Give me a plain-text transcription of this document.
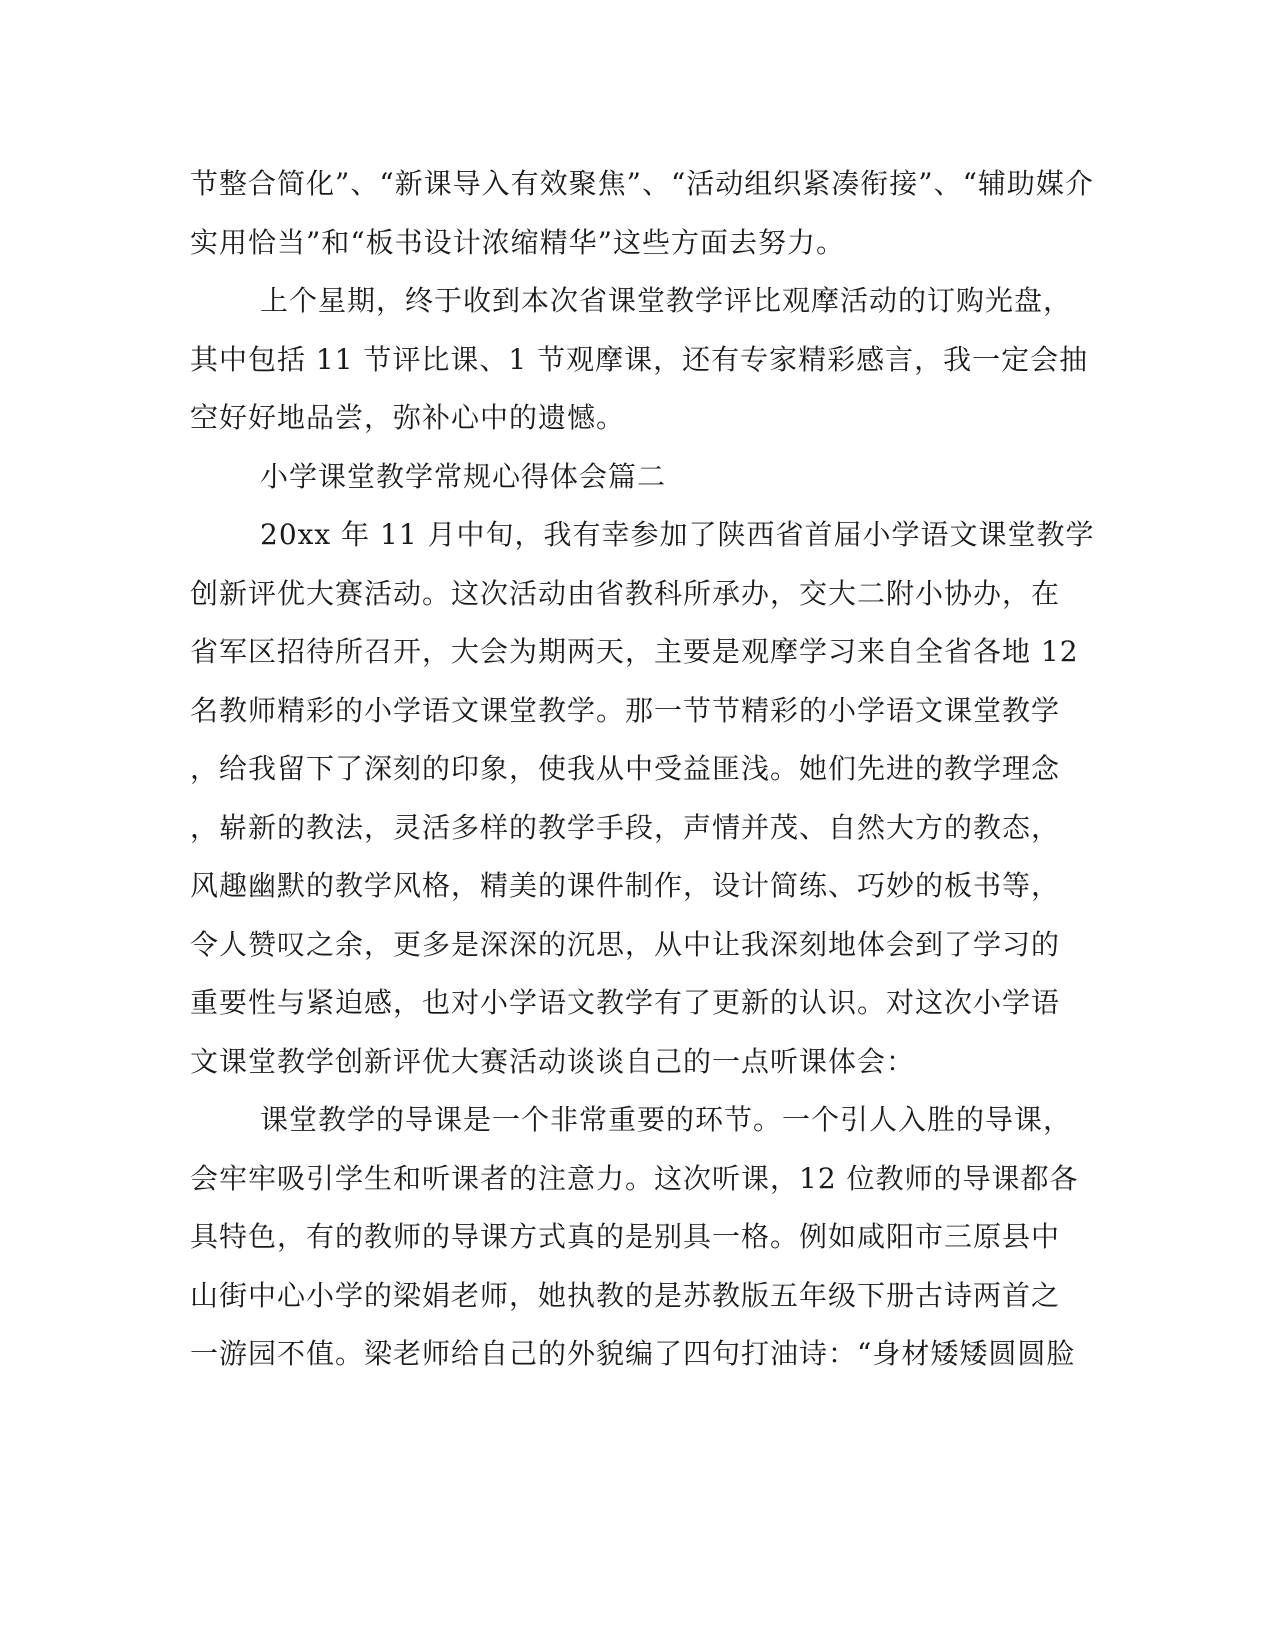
节整合简化”、“新课导入有效聚焦”、“活动组织紧凑衔接”、“辅助媒介
实用恰当”和“板书设计浓缩精华”这些方面去努力。
上个星期，终于收到本次省课堂教学评比观摩活动的订购光盘，
其中包括 11 节评比课、1 节观摩课，还有专家精彩感言，我一定会抽
空好好地品尝，弥补心中的遗憾。
小学课堂教学常规心得体会篇二
20xx 年 11 月中旬，我有幸参加了陕西省首届小学语文课堂教学
创新评优大赛活动。这次活动由省教科所承办，交大二附小协办，在
省军区招待所召开，大会为期两天，主要是观摩学习来自全省各地 12
名教师精彩的小学语文课堂教学。那一节节精彩的小学语文课堂教学
，给我留下了深刻的印象，使我从中受益匪浅。她们先进的教学理念
，崭新的教法，灵活多样的教学手段，声情并茂、自然大方的教态，
风趣幽默的教学风格，精美的课件制作，设计简练、巧妙的板书等，
令人赞叹之余，更多是深深的沉思，从中让我深刻地体会到了学习的
重要性与紧迫感，也对小学语文教学有了更新的认识。对这次小学语
文课堂教学创新评优大赛活动谈谈自己的一点听课体会：
课堂教学的导课是一个非常重要的环节。一个引人入胜的导课，
会牢牢吸引学生和听课者的注意力。这次听课，12 位教师的导课都各
具特色，有的教师的导课方式真的是别具一格。例如咸阳市三原县中
山街中心小学的梁娟老师，她执教的是苏教版五年级下册古诗两首之
一游园不值。梁老师给自己的外貌编了四句打油诗：“身材矮矮圆圆脸
